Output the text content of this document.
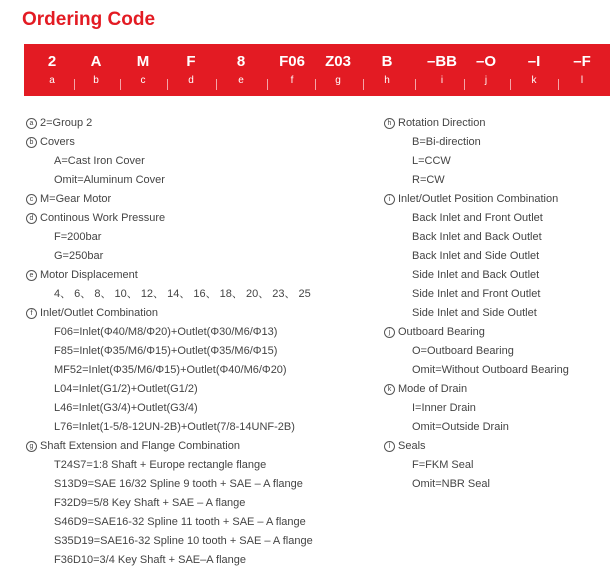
Ordering Code
2
a
A
b
M
c
F
d
8
e
F06
f
Z03
g
B
h
–BB
i
–O
j
–I
k
–F
l
a 2=Group 2
b Covers
A=Cast Iron Cover
Omit=Aluminum Cover
c M=Gear Motor
d Continous Work Pressure
F=200bar
G=250bar
e Motor Displacement
4、 6、 8、 10、 12、 14、 16、 18、 20、 23、 25
f Inlet/Outlet Combination
F06=Inlet(Φ40/M8/Φ20)+Outlet(Φ30/M6/Φ13)
F85=Inlet(Φ35/M6/Φ15)+Outlet(Φ35/M6/Φ15)
MF52=Inlet(Φ35/M6/Φ15)+Outlet(Φ40/M6/Φ20)
L04=Inlet(G1/2)+Outlet(G1/2)
L46=Inlet(G3/4)+Outlet(G3/4)
L76=Inlet(1-5/8-12UN-2B)+Outlet(7/8-14UNF-2B)
g Shaft Extension and Flange Combination
T24S7=1:8 Shaft + Europe rectangle flange
S13D9=SAE 16/32 Spline 9 tooth + SAE – A flange
F32D9=5/8 Key Shaft + SAE – A flange
S46D9=SAE16-32 Spline 11 tooth + SAE – A flange
S35D19=SAE16-32 Spline 10 tooth + SAE – A flange
F36D10=3/4 Key Shaft + SAE–A flange
h Rotation Direction
B=Bi-direction
L=CCW
R=CW
i Inlet/Outlet Position Combination
Back Inlet and Front Outlet
Back Inlet and Back Outlet
Back Inlet and Side Outlet
Side Inlet and Back Outlet
Side Inlet and Front Outlet
Side Inlet and Side Outlet
j Outboard Bearing
O=Outboard Bearing
Omit=Without Outboard Bearing
k Mode of Drain
I=Inner Drain
Omit=Outside Drain
l Seals
F=FKM Seal
Omit=NBR Seal
